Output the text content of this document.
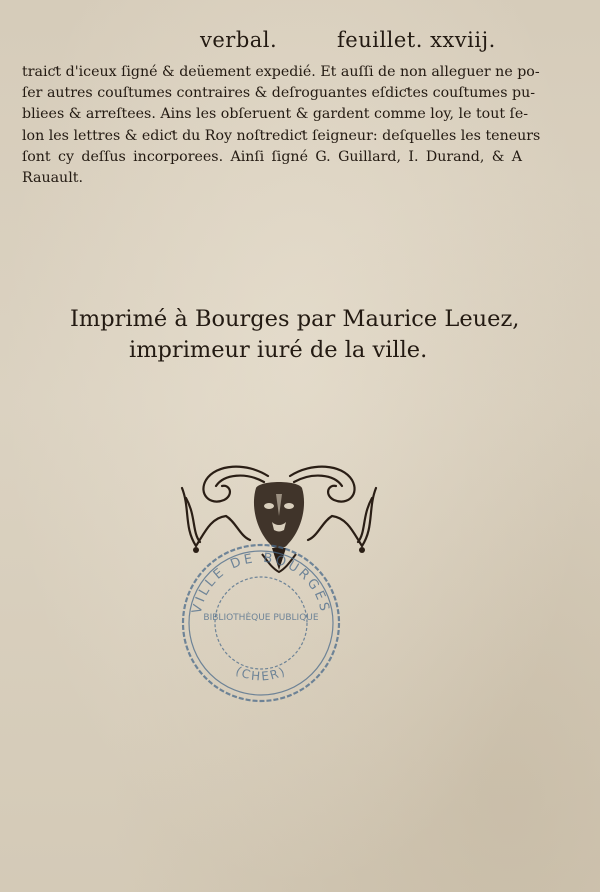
verbal.	feuillet. xxviij.
traiƈt d'iceux ſigné & deüement expedié. Et auſſi de non alleguer ne po-
ſer autres couſtumes contraires & deſroguantes eſdiƈtes couſtumes pu-
bliees & arreſtees. Ains les obſeruent & gardent comme loy, le tout ſe-
lon les lettres & ediƈt du Roy noſtrediƈt ſeigneur: deſquelles les teneurs
ſont cy deſſus incorporees. Ainſi ſigné G. Guillard, I. Durand, & A
Rauault.
Imprimé à Bourges par Maurice Leuez,
imprimeur iuré de la ville.
VILLE DE BOURGES
BIBLIOTHÈQUE PUBLIQUE
(CHER)
